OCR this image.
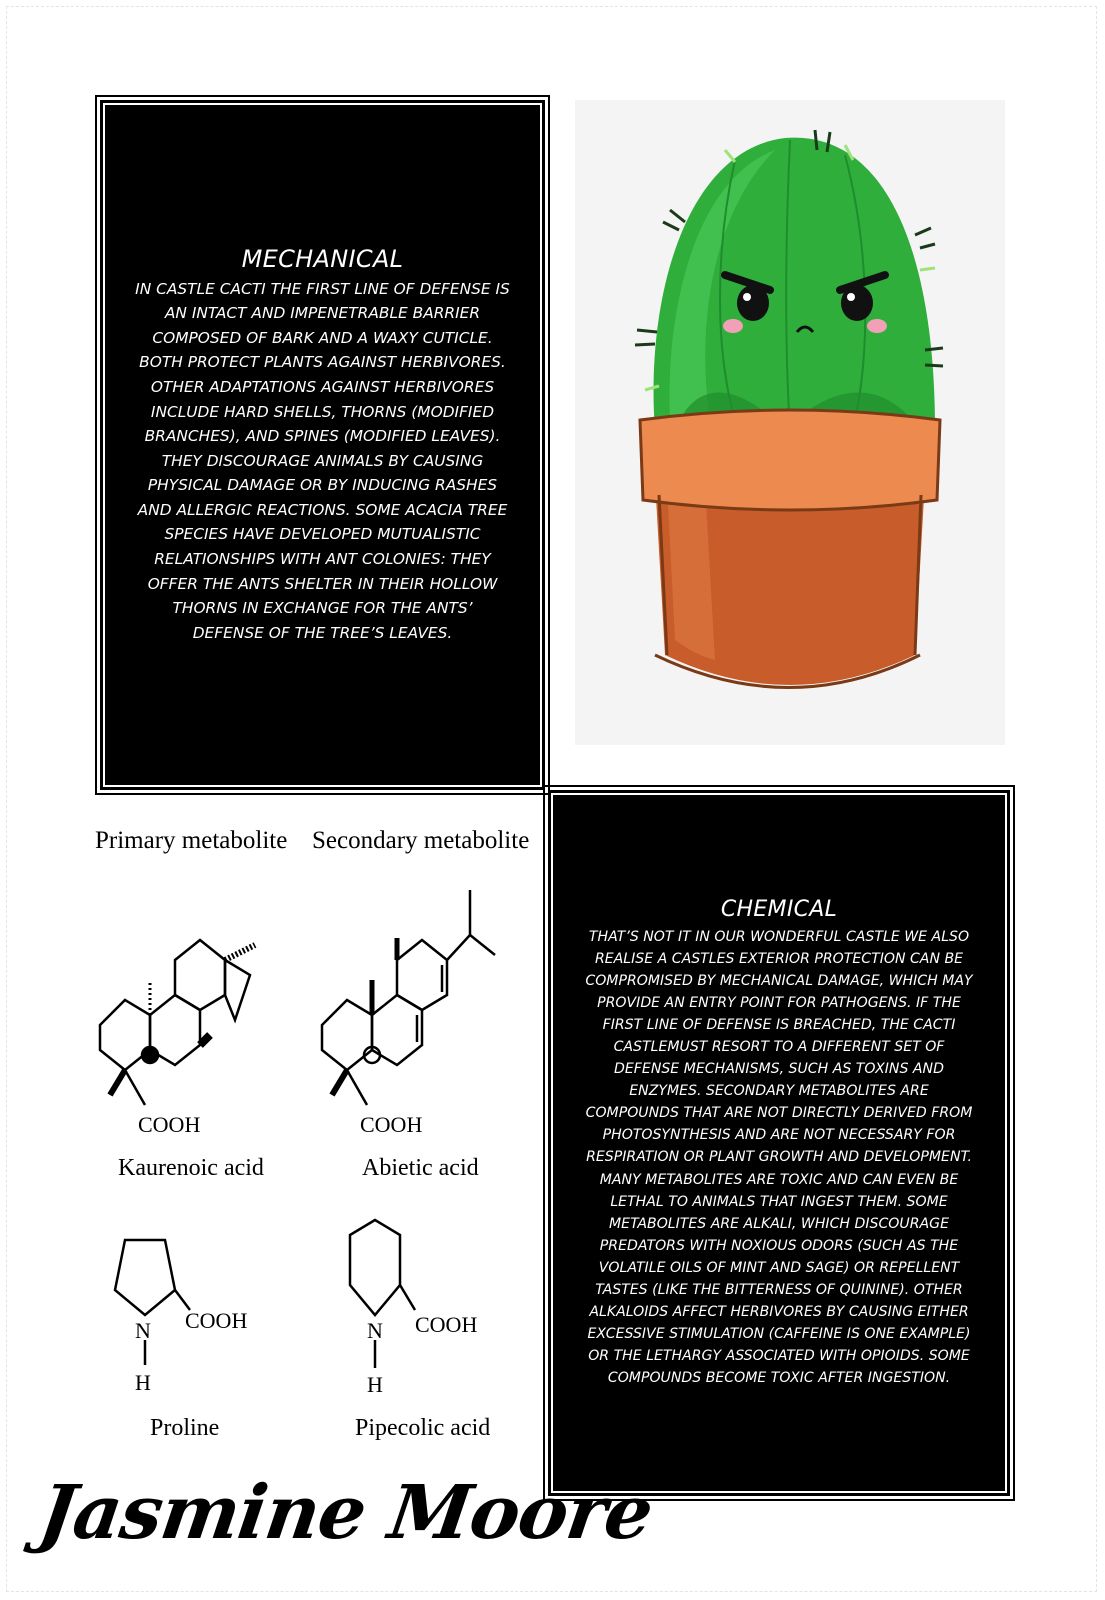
MECHANICAL

IN CASTLE CACTI THE FIRST LINE OF DEFENSE IS AN INTACT AND IMPENETRABLE BARRIER COMPOSED OF BARK AND A WAXY CUTICLE. BOTH PROTECT PLANTS AGAINST HERBIVORES. OTHER ADAPTATIONS AGAINST HERBIVORES INCLUDE HARD SHELLS, THORNS (MODIFIED BRANCHES), AND SPINES (MODIFIED LEAVES). THEY DISCOURAGE ANIMALS BY CAUSING PHYSICAL DAMAGE OR BY INDUCING RASHES AND ALLERGIC REACTIONS. SOME ACACIA TREE SPECIES HAVE DEVELOPED MUTUALISTIC RELATIONSHIPS WITH ANT COLONIES: THEY OFFER THE ANTS SHELTER IN THEIR HOLLOW THORNS IN EXCHANGE FOR THE ANTS’ DEFENSE OF THE TREE’S LEAVES.

Primary metabolite Secondary metabolite
COOH
Kaurenoic acid
COOH
Abietic acid
N COOH
H
Proline
N COOH
H
Pipecolic acid
CHEMICAL

THAT’S NOT IT IN OUR WONDERFUL CASTLE WE ALSO REALISE A CASTLES EXTERIOR PROTECTION CAN BE COMPROMISED BY MECHANICAL DAMAGE, WHICH MAY PROVIDE AN ENTRY POINT FOR PATHOGENS. IF THE FIRST LINE OF DEFENSE IS BREACHED, THE CACTI CASTLEMUST RESORT TO A DIFFERENT SET OF DEFENSE MECHANISMS, SUCH AS TOXINS AND ENZYMES. SECONDARY METABOLITES ARE COMPOUNDS THAT ARE NOT DIRECTLY DERIVED FROM PHOTOSYNTHESIS AND ARE NOT NECESSARY FOR RESPIRATION OR PLANT GROWTH AND DEVELOPMENT. MANY METABOLITES ARE TOXIC AND CAN EVEN BE LETHAL TO ANIMALS THAT INGEST THEM. SOME METABOLITES ARE ALKALI, WHICH DISCOURAGE PREDATORS WITH NOXIOUS ODORS (SUCH AS THE VOLATILE OILS OF MINT AND SAGE) OR REPELLENT TASTES (LIKE THE BITTERNESS OF QUININE). OTHER ALKALOIDS AFFECT HERBIVORES BY CAUSING EITHER EXCESSIVE STIMULATION (CAFFEINE IS ONE EXAMPLE) OR THE LETHARGY ASSOCIATED WITH OPIOIDS. SOME COMPOUNDS BECOME TOXIC AFTER INGESTION.

Jasmine Moore
